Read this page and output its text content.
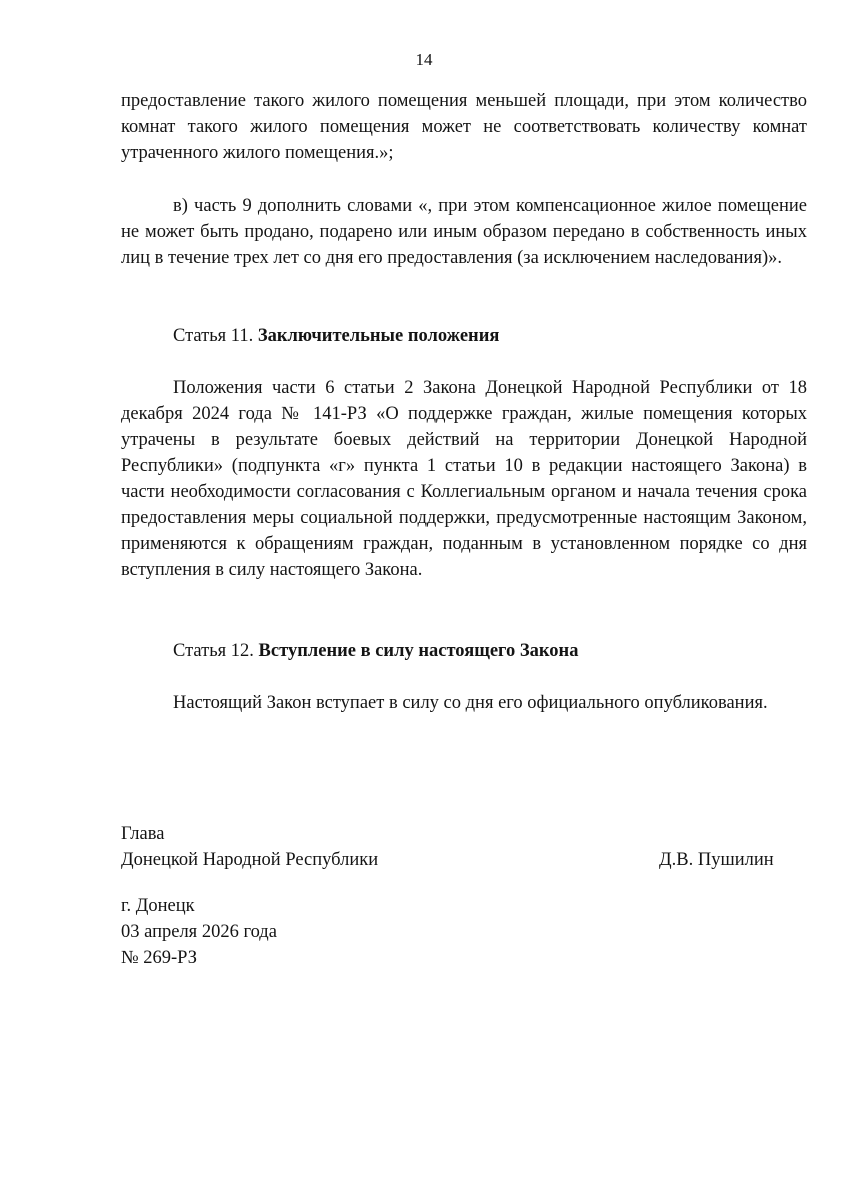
14

предоставление такого жилого помещения меньшей площади, при этом количество комнат такого жилого помещения может не соответствовать количеству комнат утраченного жилого помещения.»;

в) часть 9 дополнить словами «, при этом компенсационное жилое помещение не может быть продано, подарено или иным образом передано в собственность иных лиц в течение трех лет со дня его предоставления (за исключением наследования)».

Статья 11. Заключительные положения

Положения части 6 статьи 2 Закона Донецкой Народной Республики от 18 декабря 2024 года № 141-РЗ «О поддержке граждан, жилые помещения которых утрачены в результате боевых действий на территории Донецкой Народной Республики» (подпункта «г» пункта 1 статьи 10 в редакции настоящего Закона) в части необходимости согласования с Коллегиальным органом и начала течения срока предоставления меры социальной поддержки, предусмотренные настоящим Законом, применяются к обращениям граждан, поданным в установленном порядке со дня вступления в силу настоящего Закона.

Статья 12. Вступление в силу настоящего Закона

Настоящий Закон вступает в силу со дня его официального опубликования.

Глава
Донецкой Народной Республики	Д.В. Пушилин
г. Донецк
03 апреля 2026 года
№ 269-РЗ
